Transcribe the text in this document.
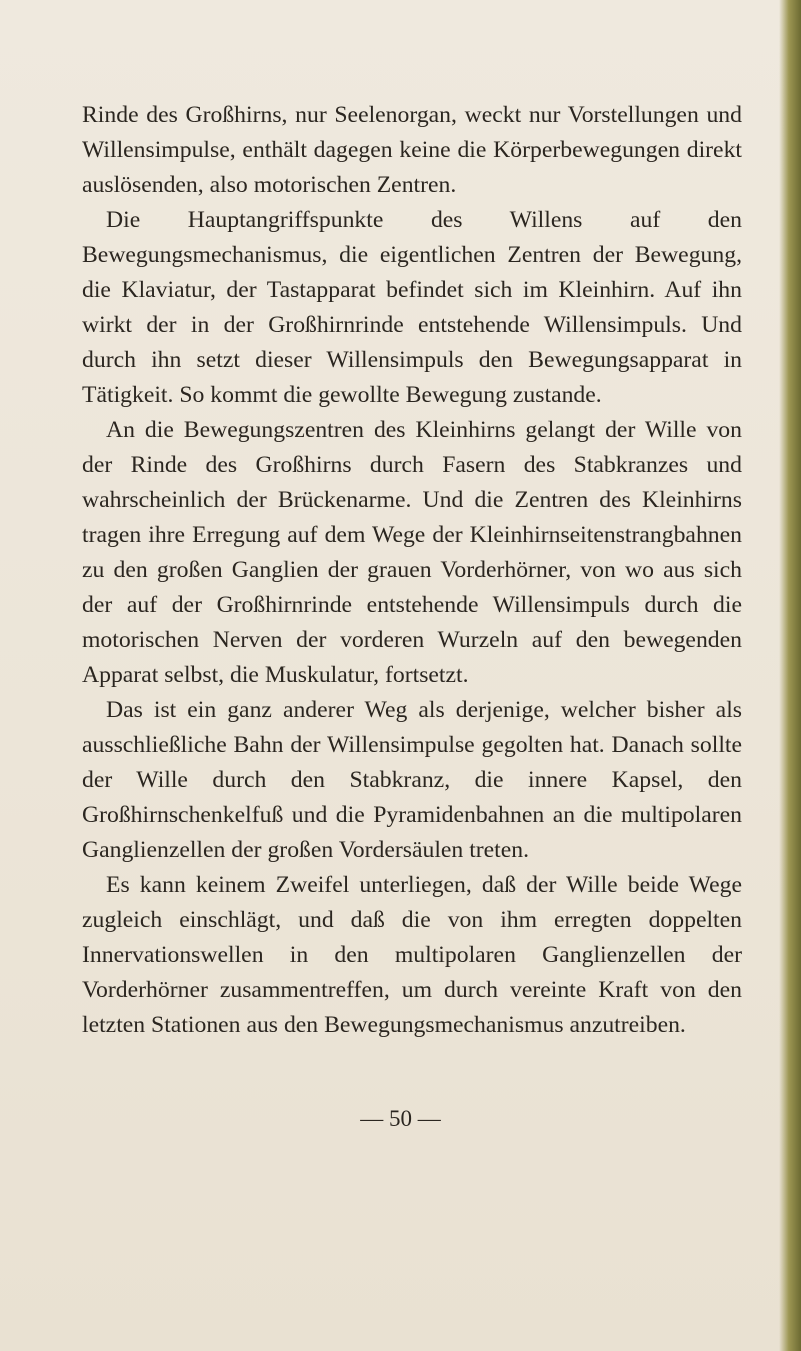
Rinde des Großhirns, nur Seelenorgan, weckt nur Vorstellungen und Willensimpulse, enthält dagegen keine die Körperbewegungen direkt auslösenden, also motorischen Zentren.

Die Hauptangriffspunkte des Willens auf den Bewegungsmechanismus, die eigentlichen Zentren der Bewegung, die Klaviatur, der Tastapparat befindet sich im Kleinhirn. Auf ihn wirkt der in der Großhirnrinde entstehende Willensimpuls. Und durch ihn setzt dieser Willensimpuls den Bewegungsapparat in Tätigkeit. So kommt die gewollte Bewegung zustande.

An die Bewegungszentren des Kleinhirns gelangt der Wille von der Rinde des Großhirns durch Fasern des Stabkranzes und wahrscheinlich der Brückenarme. Und die Zentren des Kleinhirns tragen ihre Erregung auf dem Wege der Kleinhirnseitenstrangbahnen zu den großen Ganglien der grauen Vorderhörner, von wo aus sich der auf der Großhirnrinde entstehende Willensimpuls durch die motorischen Nerven der vorderen Wurzeln auf den bewegenden Apparat selbst, die Muskulatur, fortsetzt.

Das ist ein ganz anderer Weg als derjenige, welcher bisher als ausschließliche Bahn der Willensimpulse gegolten hat. Danach sollte der Wille durch den Stabkranz, die innere Kapsel, den Großhirnschenkelfuß und die Pyramidenbahnen an die multipolaren Ganglienzellen der großen Vordersäulen treten.

Es kann keinem Zweifel unterliegen, daß der Wille beide Wege zugleich einschlägt, und daß die von ihm erregten doppelten Innervationswellen in den multipolaren Ganglienzellen der Vorderhörner zusammentreffen, um durch vereinte Kraft von den letzten Stationen aus den Bewegungsmechanismus anzutreiben.

— 50 —
